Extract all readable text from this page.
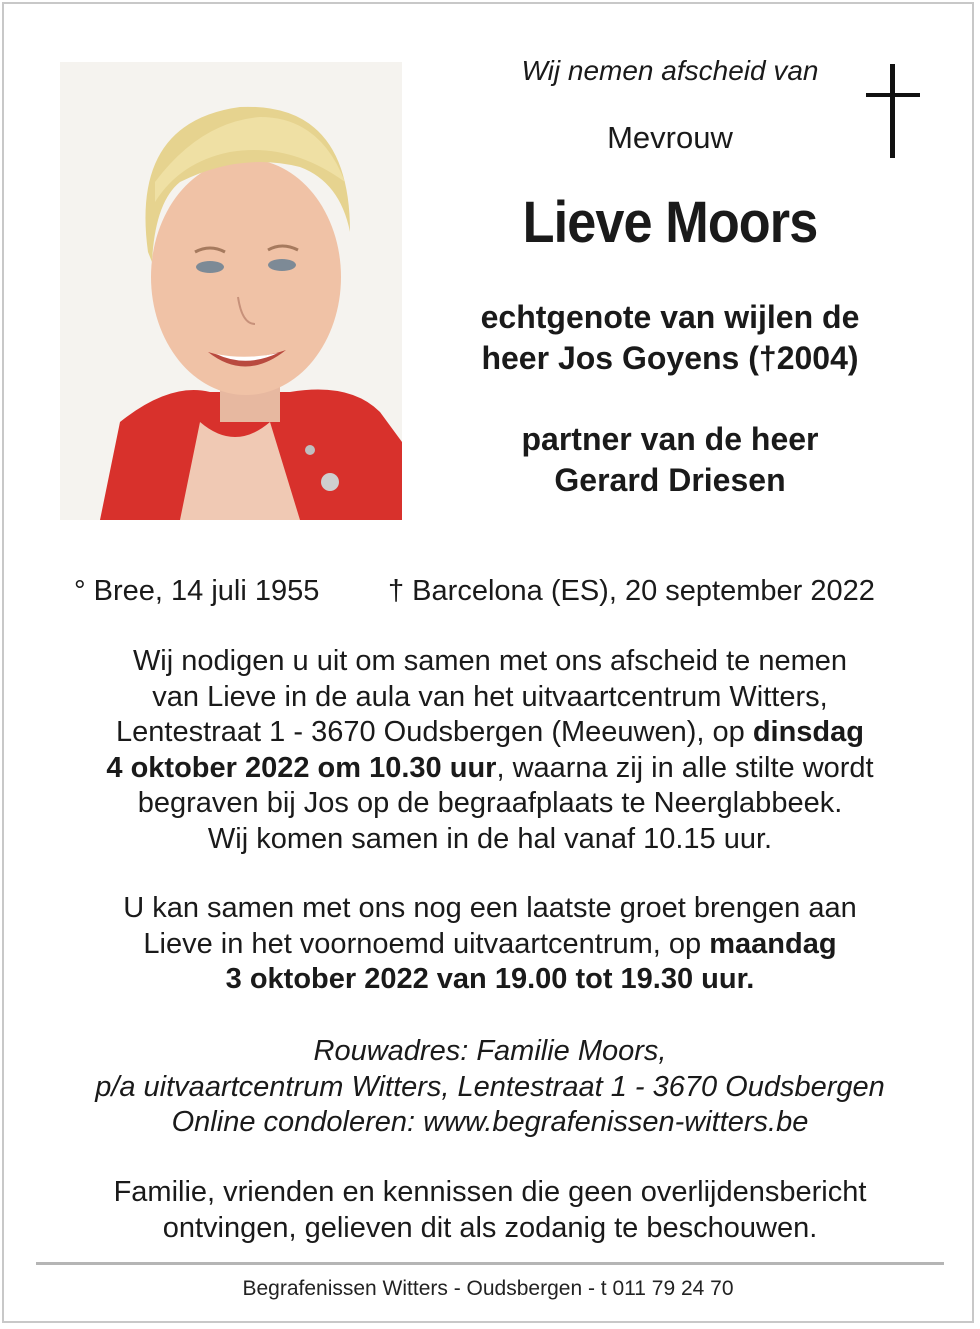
Wij nemen afscheid van
Mevrouw
Lieve Moors
echtgenote van wijlen de
heer Jos Goyens (†2004)
partner van de heer
Gerard Driesen
° Bree, 14 juli 1955 † Barcelona (ES), 20 september 2022
Wij nodigen u uit om samen met ons afscheid te nemen
van Lieve in de aula van het uitvaartcentrum Witters,
Lentestraat 1 - 3670 Oudsbergen (Meeuwen), op dinsdag
4 oktober 2022 om 10.30 uur, waarna zij in alle stilte wordt
begraven bij Jos op de begraafplaats te Neerglabbeek.
Wij komen samen in de hal vanaf 10.15 uur.
U kan samen met ons nog een laatste groet brengen aan
Lieve in het voornoemd uitvaartcentrum, op maandag
3 oktober 2022 van 19.00 tot 19.30 uur.
Rouwadres: Familie Moors,
p/a uitvaartcentrum Witters, Lentestraat 1 - 3670 Oudsbergen
Online condoleren: www.begrafenissen-witters.be
Familie, vrienden en kennissen die geen overlijdensbericht
ontvingen, gelieven dit als zodanig te beschouwen.
Begrafenissen Witters - Oudsbergen - t 011 79 24 70
